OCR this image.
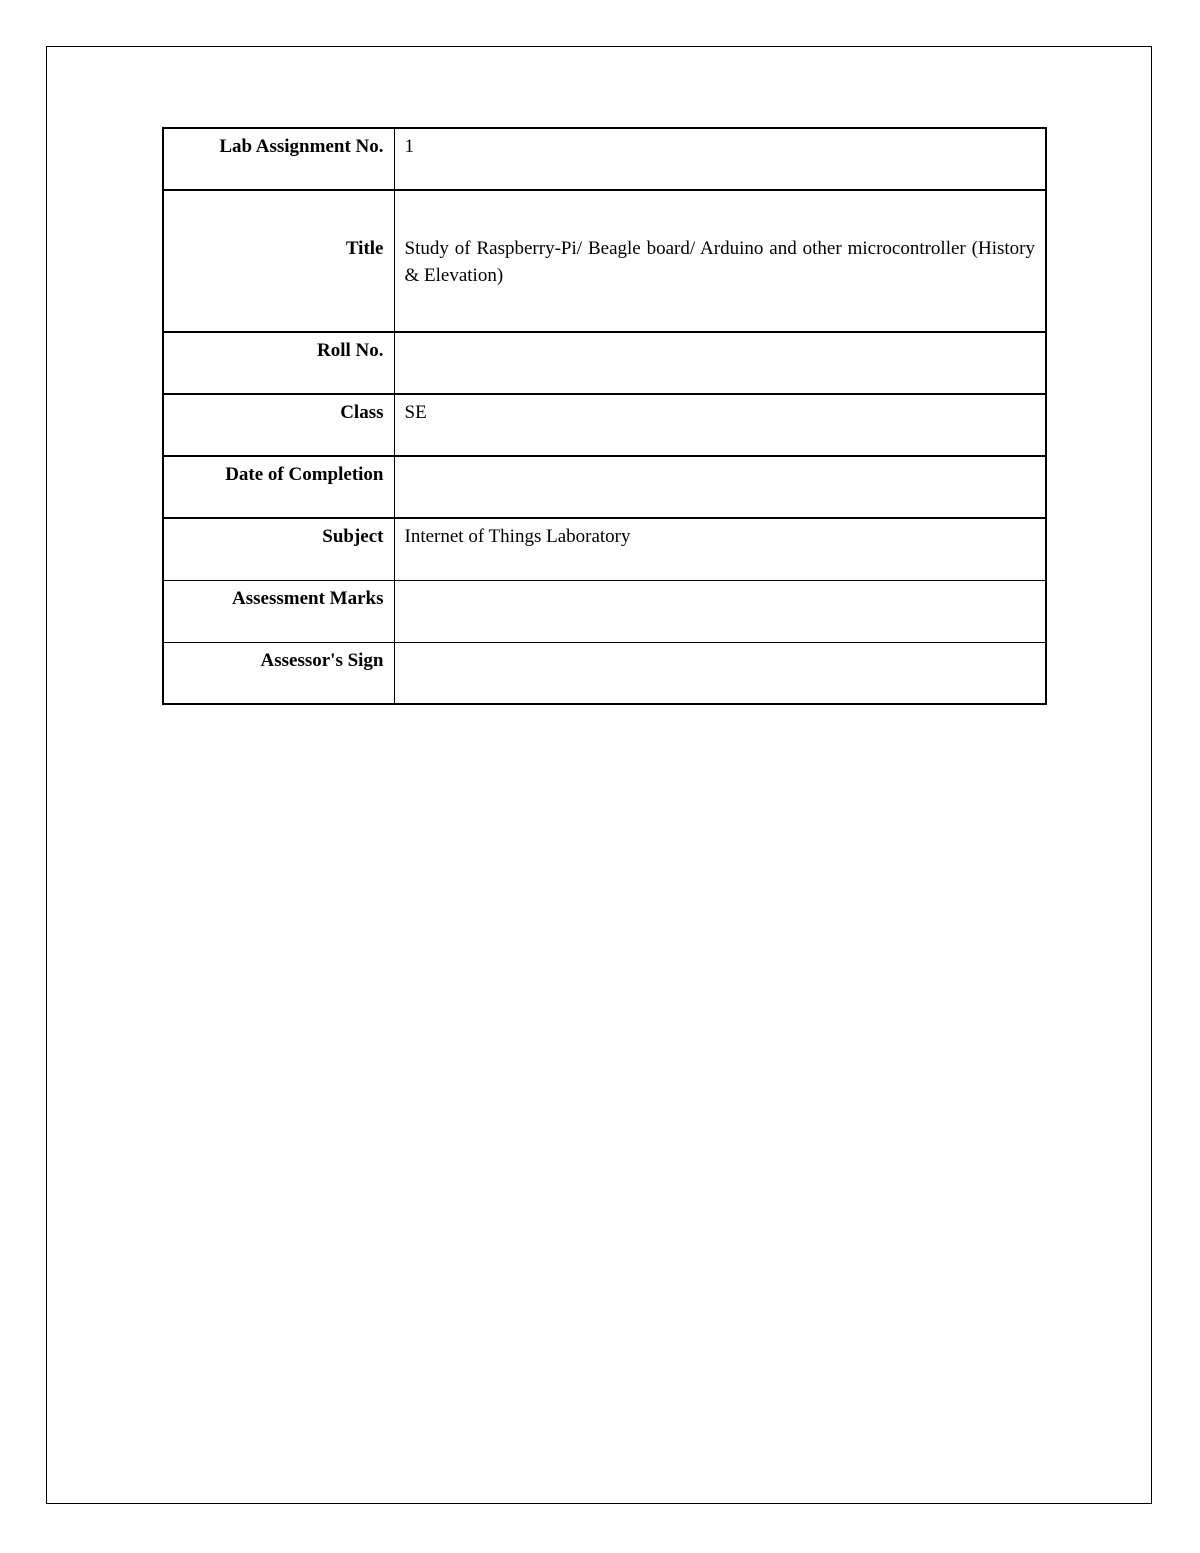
Lab Assignment No.	1
Title	Study of Raspberry-Pi/ Beagle board/ Arduino and other microcontroller (History & Elevation)
Roll No.	
Class	SE
Date of Completion	
Subject	Internet of Things Laboratory
Assessment Marks	
Assessor's Sign	
